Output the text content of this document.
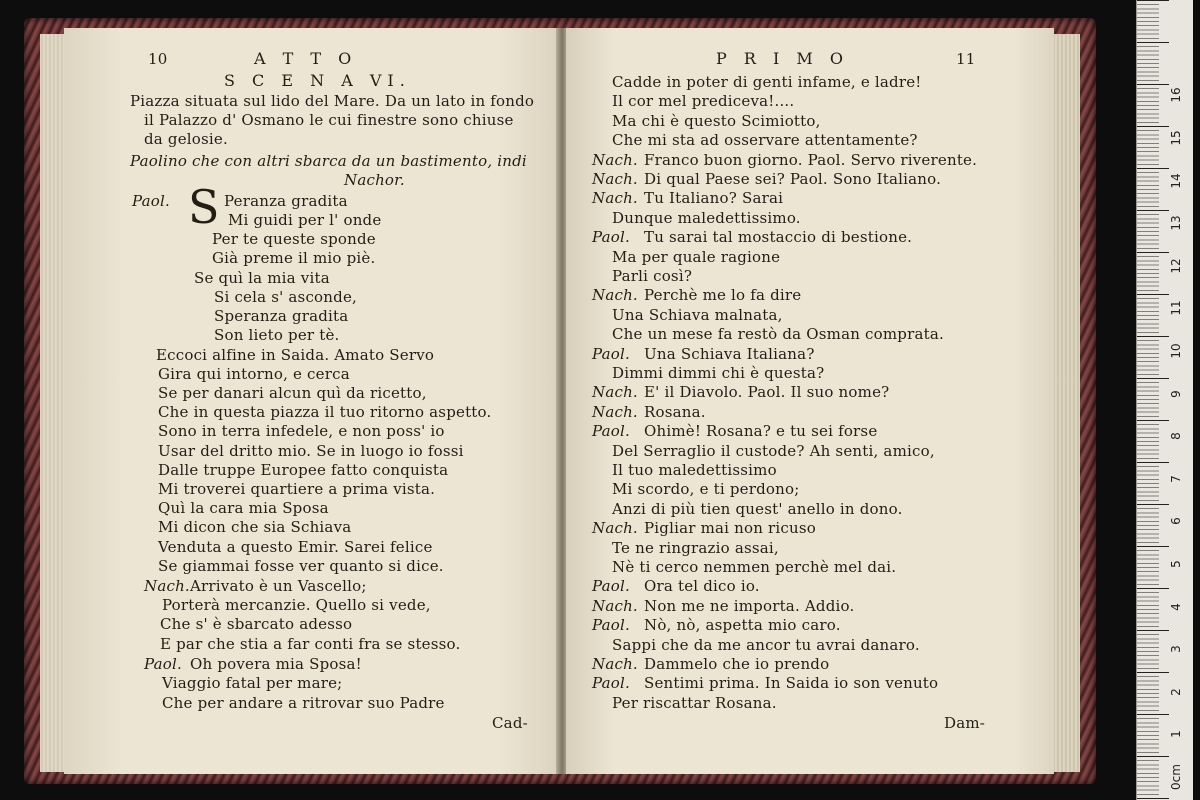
10	A T T O
S C E N A VI.
Piazza situata sul lido del Mare. Da un lato in fondo
il Palazzo d' Osmano le cui finestre sono chiuse
da gelosie.
Paolino che con altri sbarca da un bastimento, indi
Nachor.
Paol. S Peranza gradita
Mi guidi per l' onde
Per te queste sponde
Già preme il mio piè.
Se quì la mia vita
Si cela s' asconde,
Speranza gradita
Son lieto per tè.
Eccoci alfine in Saida. Amato Servo
Gira qui intorno, e cerca
Se per danari alcun quì da ricetto,
Che in questa piazza il tuo ritorno aspetto.
Sono in terra infedele, e non poss' io
Usar del dritto mio. Se in luogo io fossi
Dalle truppe Europee fatto conquista
Mi troverei quartiere a prima vista.
Quì la cara mia Sposa
Mi dicon che sia Schiava
Venduta a questo Emir. Sarei felice
Se giammai fosse ver quanto si dice.
Nach. Arrivato è un Vascello;
Porterà mercanzie. Quello si vede,
Che s' è sbarcato adesso
E par che stia a far conti fra se stesso.
Paol. Oh povera mia Sposa!
Viaggio fatal per mare;
Che per andare a ritrovar suo Padre
Cad-
P R I M O	11
Cadde in poter di genti infame, e ladre!
Il cor mel prediceva!....
Ma chi è questo Scimiotto,
Che mi sta ad osservare attentamente?
Nach. Franco buon giorno. Paol. Servo riverente.
Nach. Di qual Paese sei? Paol. Sono Italiano.
Nach. Tu Italiano? Sarai
Dunque maledettissimo.
Paol. Tu sarai tal mostaccio di bestione.
Ma per quale ragione
Parli così?
Nach. Perchè me lo fa dire
Una Schiava malnata,
Che un mese fa restò da Osman comprata.
Paol. Una Schiava Italiana?
Dimmi dimmi chi è questa?
Nach. E' il Diavolo. Paol. Il suo nome?
Nach. Rosana.
Paol. Ohimè! Rosana? e tu sei forse
Del Serraglio il custode? Ah senti, amico,
Il tuo maledettissimo
Mi scordo, e ti perdono;
Anzi di più tien quest' anello in dono.
Nach. Pigliar mai non ricuso
Te ne ringrazio assai,
Nè ti cerco nemmen perchè mel dai.
Paol. Ora tel dico io.
Nach. Non me ne importa. Addio.
Paol. Nò, nò, aspetta mio caro.
Sappi che da me ancor tu avrai danaro.
Nach. Dammelo che io prendo
Paol. Sentimi prima. In Saida io son venuto
Per riscattar Rosana.
Dam-
0cm
1
2
3
4
5
6
7
8
9
10
11
12
13
14
15
16
